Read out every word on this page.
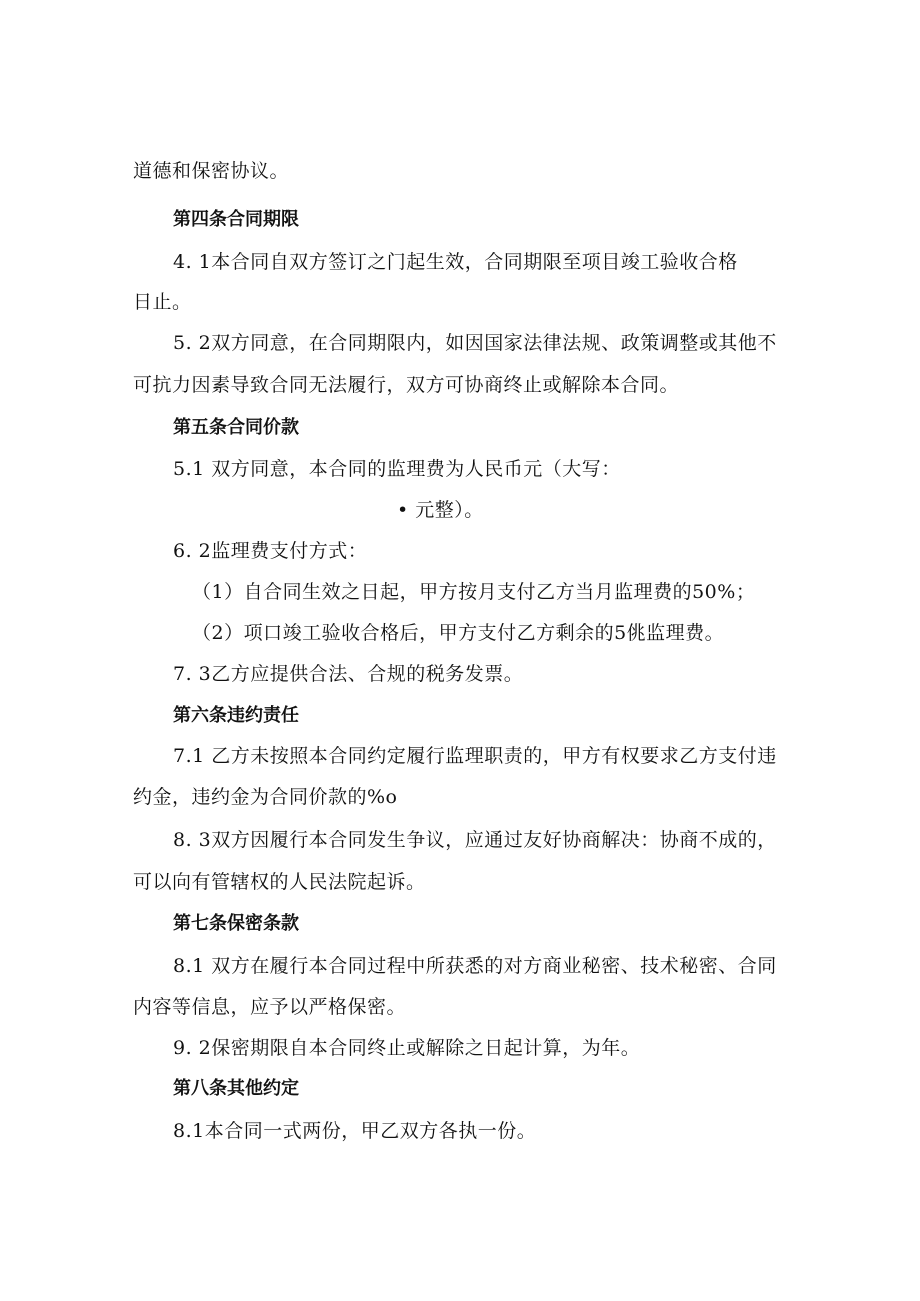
道德和保密协议。
第四条合同期限
4. 1本合同自双方签订之门起生效，合同期限至项目竣工验收合格
日止。
5. 2双方同意，在合同期限内，如因国家法律法规、政策调整或其他不
可抗力因素导致合同无法履行，双方可协商终止或解除本合同。
第五条合同价款
5.1 双方同意，本合同的监理费为人民币元（大写：
• 元整）。
6. 2监理费支付方式：
（1）自合同生效之日起，甲方按月支付乙方当月监理费的50%；
（2）项口竣工验收合格后，甲方支付乙方剩余的5佻监理费。
7. 3乙方应提供合法、合规的税务发票。
第六条违约责任
7.1 乙方未按照本合同约定履行监理职责的，甲方有权要求乙方支付违
约金，违约金为合同价款的%o
8. 3双方因履行本合同发生争议，应通过友好协商解决：协商不成的，
可以向有管辖权的人民法院起诉。
第七条保密条款
8.1 双方在履行本合同过程中所获悉的对方商业秘密、技术秘密、合同
内容等信息，应予以严格保密。
9. 2保密期限自本合同终止或解除之日起计算，为年。
第八条其他约定
8.1本合同一式两份，甲乙双方各执一份。
